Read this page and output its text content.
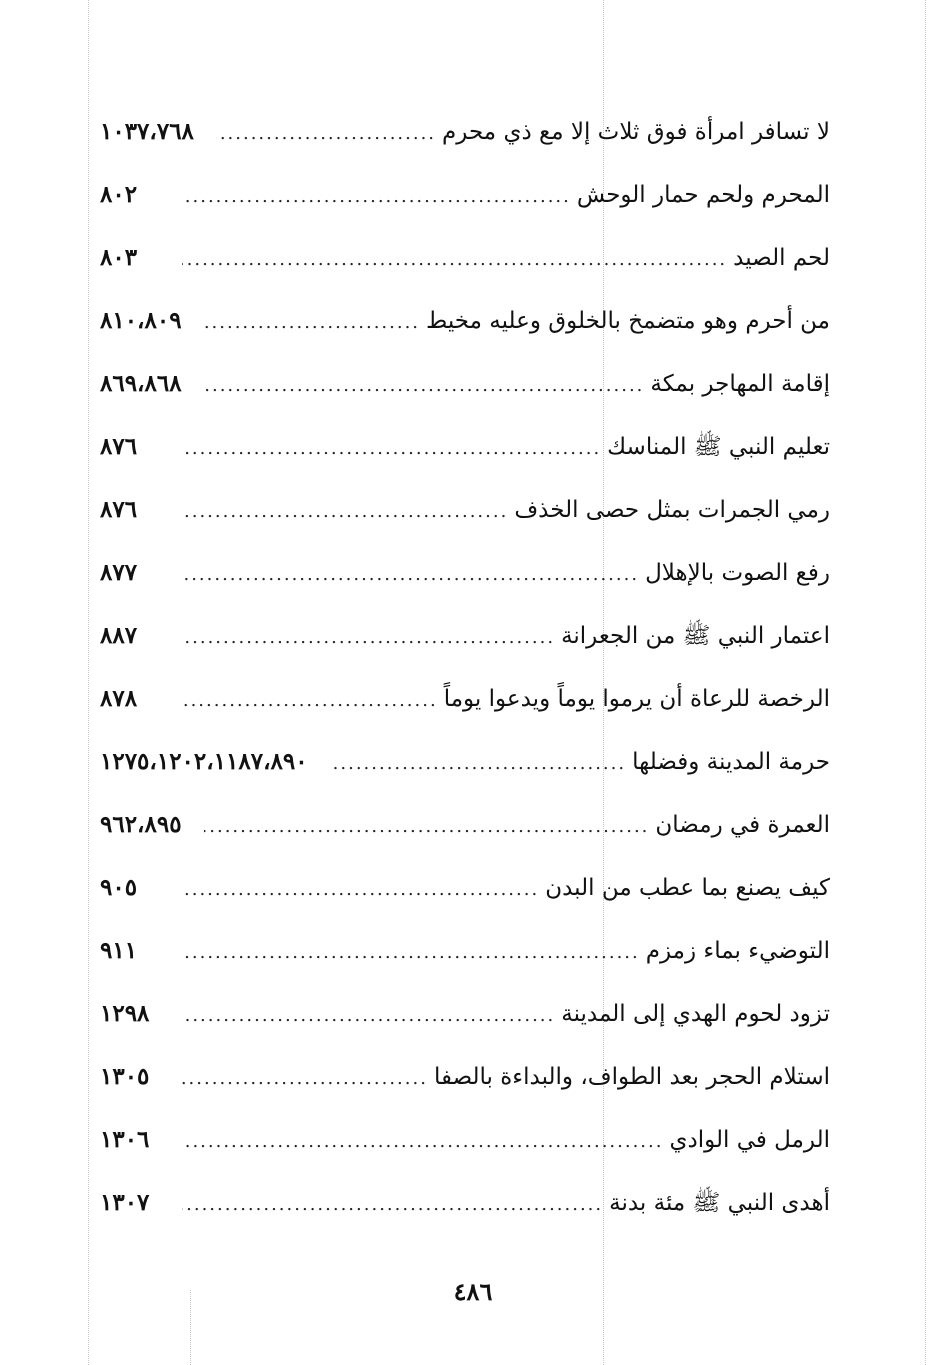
لا تسافر امرأة فوق ثلاث إلا مع ذي محرم
.....
١٠٣٧،٧٦٨
المحرم ولحم حمار الوحش
.....
٨٠٢
لحم الصيد
.....
٨٠٣
من أحرم وهو متضمخ بالخلوق وعليه مخيط
.....
٨١٠،٨٠٩
إقامة المهاجر بمكة
.....
٨٦٩،٨٦٨
تعليم النبي ﷺ المناسك
.....
٨٧٦
رمي الجمرات بمثل حصى الخذف
.....
٨٧٦
رفع الصوت بالإهلال
.....
٨٧٧
اعتمار النبي ﷺ من الجعرانة
.....
٨٨٧
الرخصة للرعاة أن يرموا يوماً ويدعوا يوماً
.....
٨٧٨
حرمة المدينة وفضلها
.....
١٢٧٥،١٢٠٢،١١٨٧،٨٩٠
العمرة في رمضان
.....
٩٦٢،٨٩٥
كيف يصنع بما عطب من البدن
.....
٩٠٥
التوضيء بماء زمزم
.....
٩١١
تزود لحوم الهدي إلى المدينة
.....
١٢٩٨
استلام الحجر بعد الطواف، والبداءة بالصفا
.....
١٣٠٥
الرمل في الوادي
.....
١٣٠٦
أهدى النبي ﷺ مئة بدنة
.....
١٣٠٧
٤٨٦
